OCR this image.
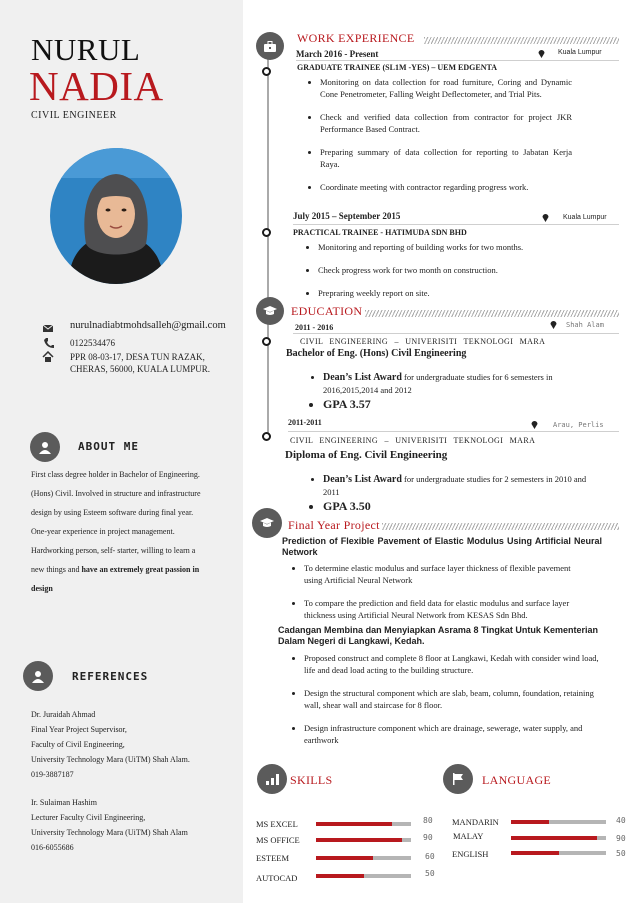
NURUL
NADIA
CIVIL ENGINEER
nurulnadiabtmohdsalleh@gmail.com
0122534476
PPR 08-03-17, DESA TUN RAZAK,
CHERAS, 56000, KUALA LUMPUR.
ABOUT ME
First class degree holder in Bachelor of Engineering.
(Hons) Civil. Involved in structure and infrastructure
design by using Esteem software during final year.
One-year experience in project management.
Hardworking person, self- starter, willing to learn a
new things and have an extremely great passion in
design
REFERENCES
Dr. Juraidah Ahmad
Final Year Project Supervisor,
Faculty of Civil Engineering,
University Technology Mara (UiTM) Shah Alam.
019-3887187
Ir. Sulaiman Hashim
Lecturer Faculty Civil Engineering,
University Technology Mara (UiTM) Shah Alam
016-6055686
WORK EXPERIENCE
March 2016 - Present	Kuala Lumpur
GRADUATE TRAINEE (SL1M -YES) – UEM EDGENTA
• Monitoring on data collection for road furniture, Coring and Dynamic Cone Penetrometer, Falling Weight Deflectometer, and Trial Pits.
• Check and verified data collection from contractor for project JKR Performance Based Contract.
• Preparing summary of data collection for reporting to Jabatan Kerja Raya.
• Coordinate meeting with contractor regarding progress work.
July 2015 – September 2015	Kuala Lumpur
PRACTICAL TRAINEE - HATIMUDA SDN BHD
• Monitoring and reporting of building works for two months.
• Check progress work for two month on construction.
• Prepraring weekly report on site.
EDUCATION
2011 - 2016	Shah Alam
CIVIL ENGINEERING – UNIVERISITI TEKNOLOGI MARA
Bachelor of Eng. (Hons) Civil Engineering
• Dean’s List Award for undergraduate studies for 6 semesters in 2016,2015,2014 and 2012
• GPA 3.57
2011-2011	Arau, Perlis
CIVIL ENGINEERING – UNIVERISITI TEKNOLOGI MARA
Diploma of Eng. Civil Engineering
• Dean’s List Award for undergraduate studies for 2 semesters in 2010 and 2011
• GPA 3.50
Final Year Project
Prediction of Flexible Pavement of Elastic Modulus Using Artificial Neural Network
• To determine elastic modulus and surface layer thickness of flexible pavement using Artificial Neural Network
• To compare the prediction and field data for elastic modulus and surface layer thickness using Artificial Neural Network from KESAS Sdn Bhd.
Cadangan Membina dan Menyiapkan Asrama 8 Tingkat Untuk Kementerian Dalam Negeri di Langkawi, Kedah.
• Proposed construct and complete 8 floor at Langkawi, Kedah with consider wind load, life and dead load acting to the building structure.
• Design the structural component which are slab, beam, column, foundation, retaining wall, shear wall and staircase for 8 floor.
• Design infrastructure component which are drainage, sewerage, water supply, and earthwork
SKILLS
MS EXCEL	80
MS OFFICE	90
ESTEEM	60
AUTOCAD	50
LANGUAGE
MANDARIN	40
MALAY	90
ENGLISH	50
